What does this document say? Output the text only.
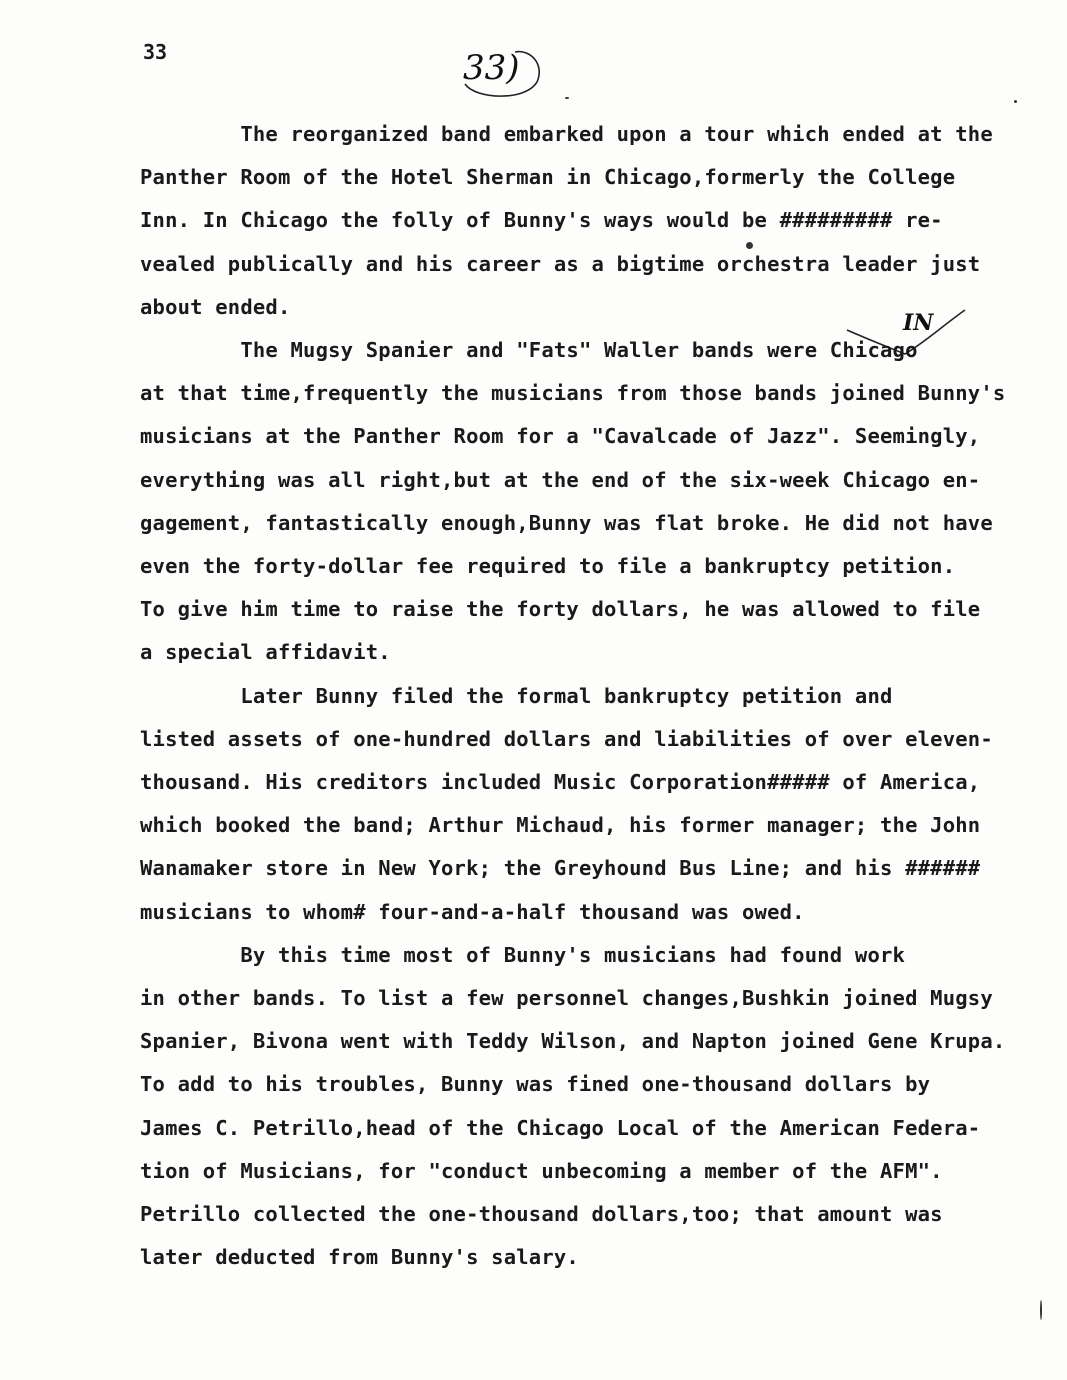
33	33)
IN
The reorganized band embarked upon a tour which ended at the
Panther Room of the Hotel Sherman in Chicago,formerly the College
Inn. In Chicago the folly of Bunny's ways would be ######### re-
vealed publically and his career as a bigtime orchestra leader just
about ended.
The Mugsy Spanier and "Fats" Waller bands were Chicago
at that time,frequently the musicians from those bands joined Bunny's
musicians at the Panther Room for a "Cavalcade of Jazz". Seemingly,
everything was all right,but at the end of the six-week Chicago en-
gagement, fantastically enough,Bunny was flat broke. He did not have
even the forty-dollar fee required to file a bankruptcy petition.
To give him time to raise the forty dollars, he was allowed to file
a special affidavit.
Later Bunny filed the formal bankruptcy petition and
listed assets of one-hundred dollars and liabilities of over eleven-
thousand. His creditors included Music Corporation##### of America,
which booked the band; Arthur Michaud, his former manager; the John
Wanamaker store in New York; the Greyhound Bus Line; and his ######
musicians to whom# four-and-a-half thousand was owed.
By this time most of Bunny's musicians had found work
in other bands. To list a few personnel changes,Bushkin joined Mugsy
Spanier, Bivona went with Teddy Wilson, and Napton joined Gene Krupa.
To add to his troubles, Bunny was fined one-thousand dollars by
James C. Petrillo,head of the Chicago Local of the American Federa-
tion of Musicians, for "conduct unbecoming a member of the AFM".
Petrillo collected the one-thousand dollars,too; that amount was
later deducted from Bunny's salary.
